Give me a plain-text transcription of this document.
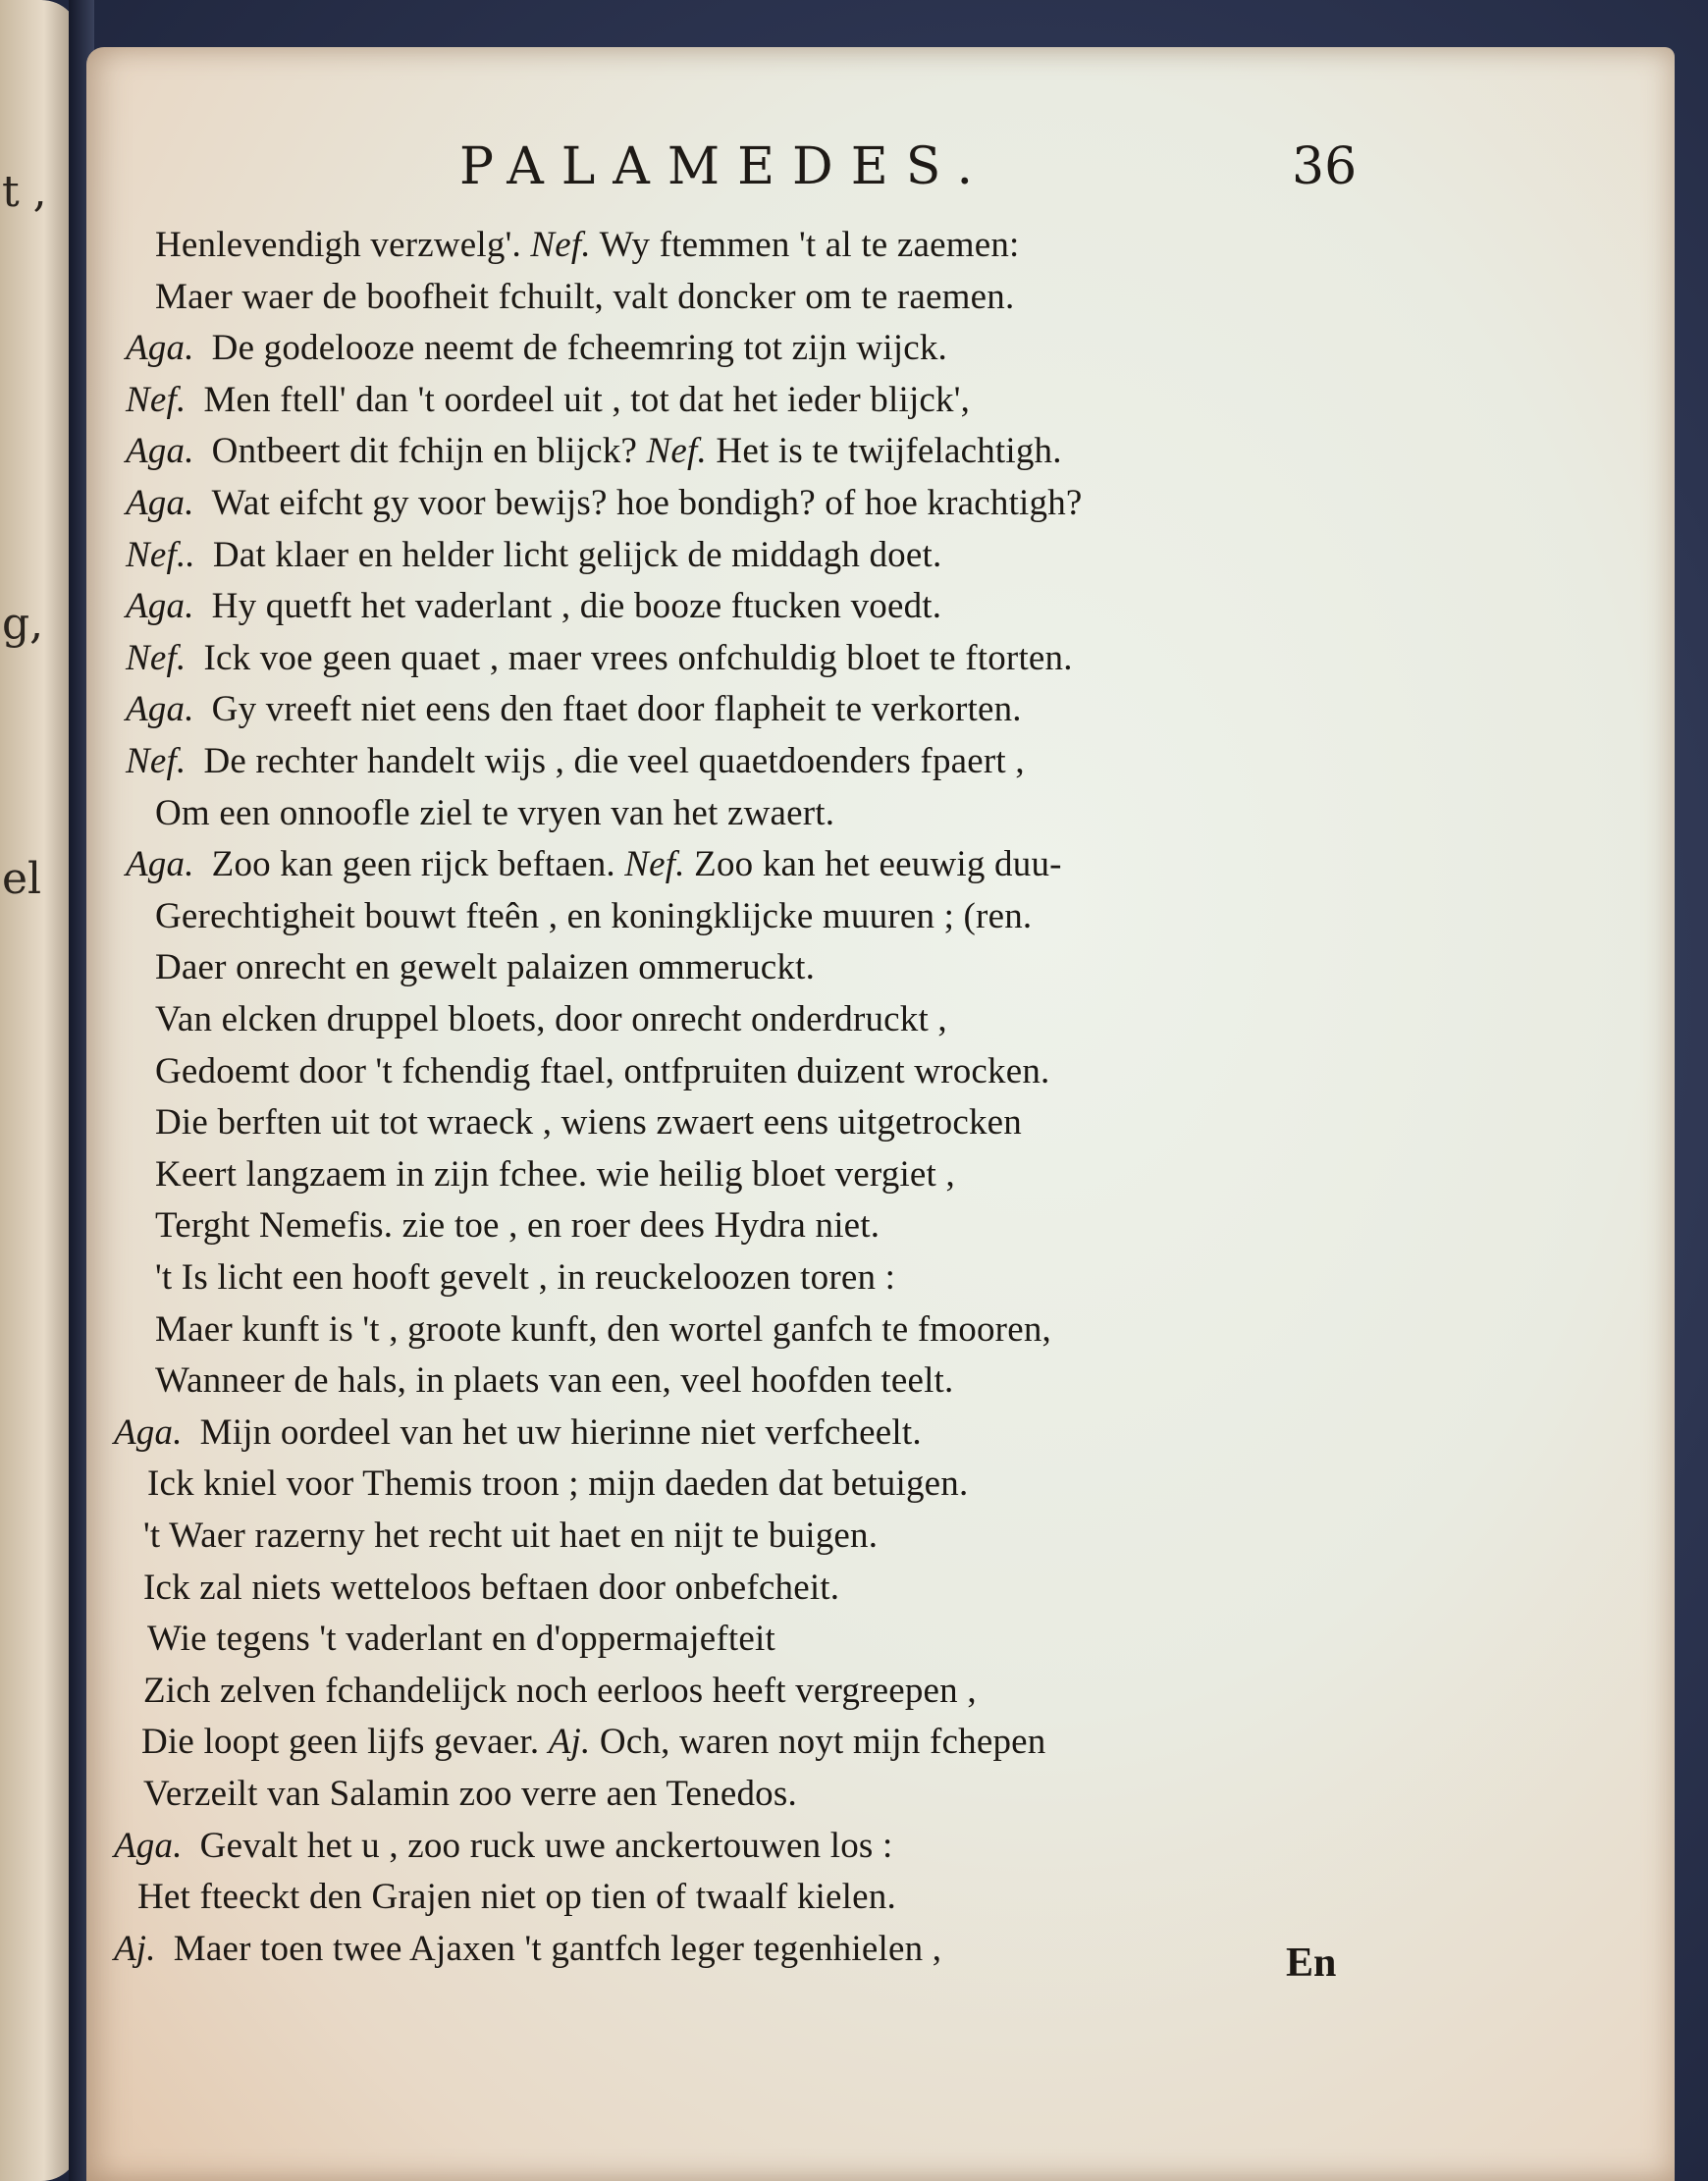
t ,
g,
el
PALAMEDES.	36
Henlevendigh verzwelg'. Nef. Wy ftemmen 't al te zaemen:
Maer waer de boofheit fchuilt, valt doncker om te raemen.
Aga. De godelooze neemt de fcheemring tot zijn wijck.
Nef. Men ftell' dan 't oordeel uit , tot dat het ieder blijck',
Aga. Ontbeert dit fchijn en blijck? Nef. Het is te twijfelachtigh.
Aga. Wat eifcht gy voor bewijs? hoe bondigh? of hoe krachtigh?
Nef.. Dat klaer en helder licht gelijck de middagh doet.
Aga. Hy quetft het vaderlant , die booze ftucken voedt.
Nef. Ick voe geen quaet , maer vrees onfchuldig bloet te ftorten.
Aga. Gy vreeft niet eens den ftaet door flapheit te verkorten.
Nef. De rechter handelt wijs , die veel quaetdoenders fpaert ,
Om een onnoofle ziel te vryen van het zwaert.
Aga. Zoo kan geen rijck beftaen. Nef. Zoo kan het eeuwig duu-
Gerechtigheit bouwt fteên , en koningklijcke muuren ; (ren.
Daer onrecht en gewelt palaizen ommeruckt.
Van elcken druppel bloets, door onrecht onderdruckt ,
Gedoemt door 't fchendig ftael, ontfpruiten duizent wrocken.
Die berften uit tot wraeck , wiens zwaert eens uitgetrocken
Keert langzaem in zijn fchee. wie heilig bloet vergiet ,
Terght Nemefis. zie toe , en roer dees Hydra niet.
't Is licht een hooft gevelt , in reuckeloozen toren :
Maer kunft is 't , groote kunft, den wortel ganfch te fmooren,
Wanneer de hals, in plaets van een, veel hoofden teelt.
Aga. Mijn oordeel van het uw hierinne niet verfcheelt.
Ick kniel voor Themis troon ; mijn daeden dat betuigen.
't Waer razerny het recht uit haet en nijt te buigen.
Ick zal niets wetteloos beftaen door onbefcheit.
Wie tegens 't vaderlant en d'oppermajefteit
Zich zelven fchandelijck noch eerloos heeft vergreepen ,
Die loopt geen lijfs gevaer. Aj. Och, waren noyt mijn fchepen
Verzeilt van Salamin zoo verre aen Tenedos.
Aga. Gevalt het u , zoo ruck uwe anckertouwen los :
Het fteeckt den Grajen niet op tien of twaalf kielen.
Aj. Maer toen twee Ajaxen 't gantfch leger tegenhielen ,	En
